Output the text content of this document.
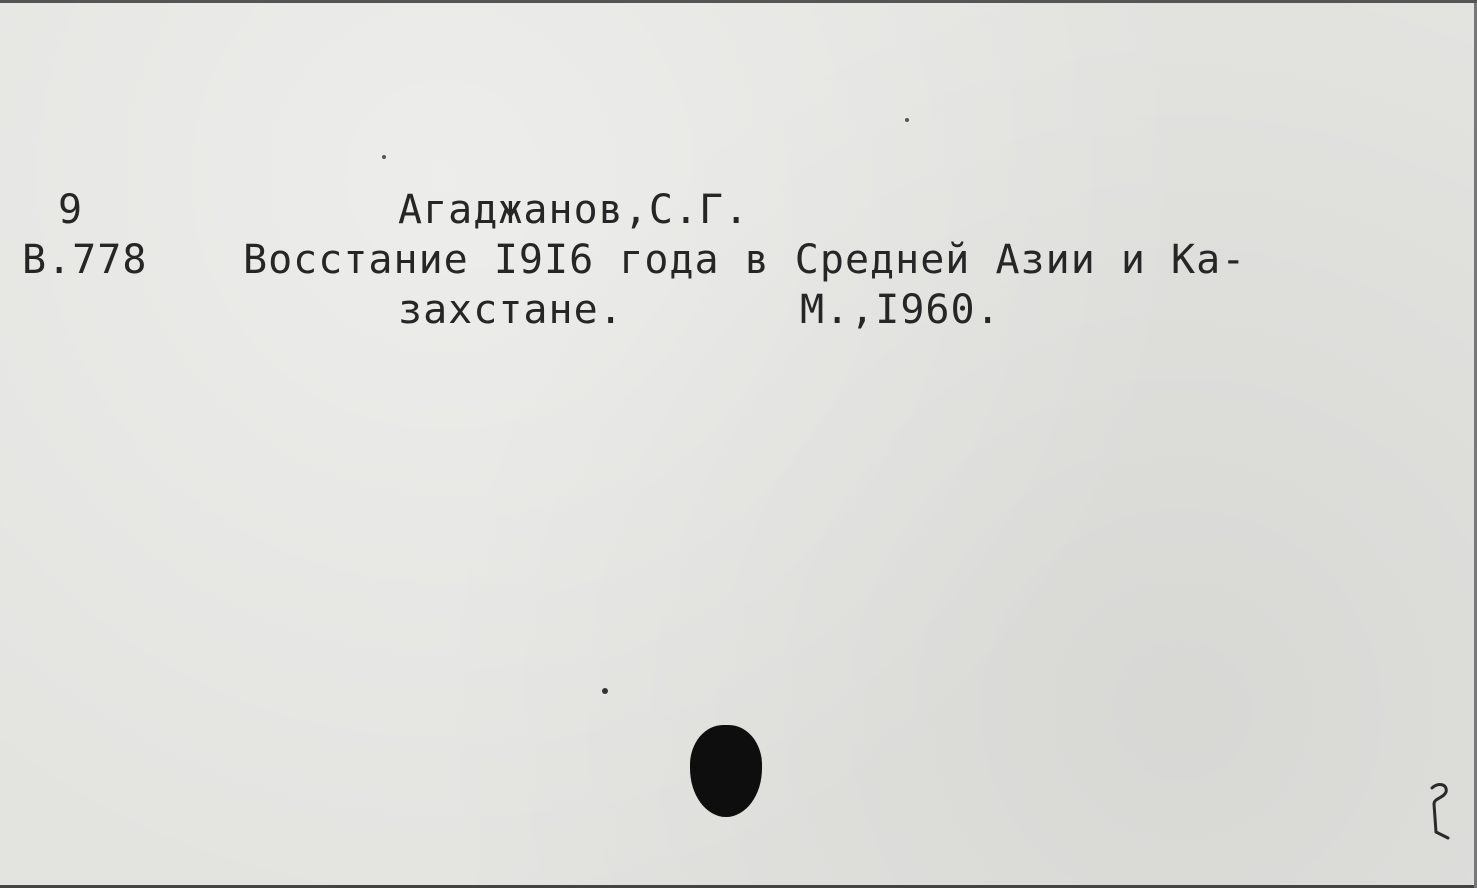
9
В.778
Агаджанов,С.Г.
Восстание I9I6 года в Средней Азии и Ка-
захстане.	М.,I960.
